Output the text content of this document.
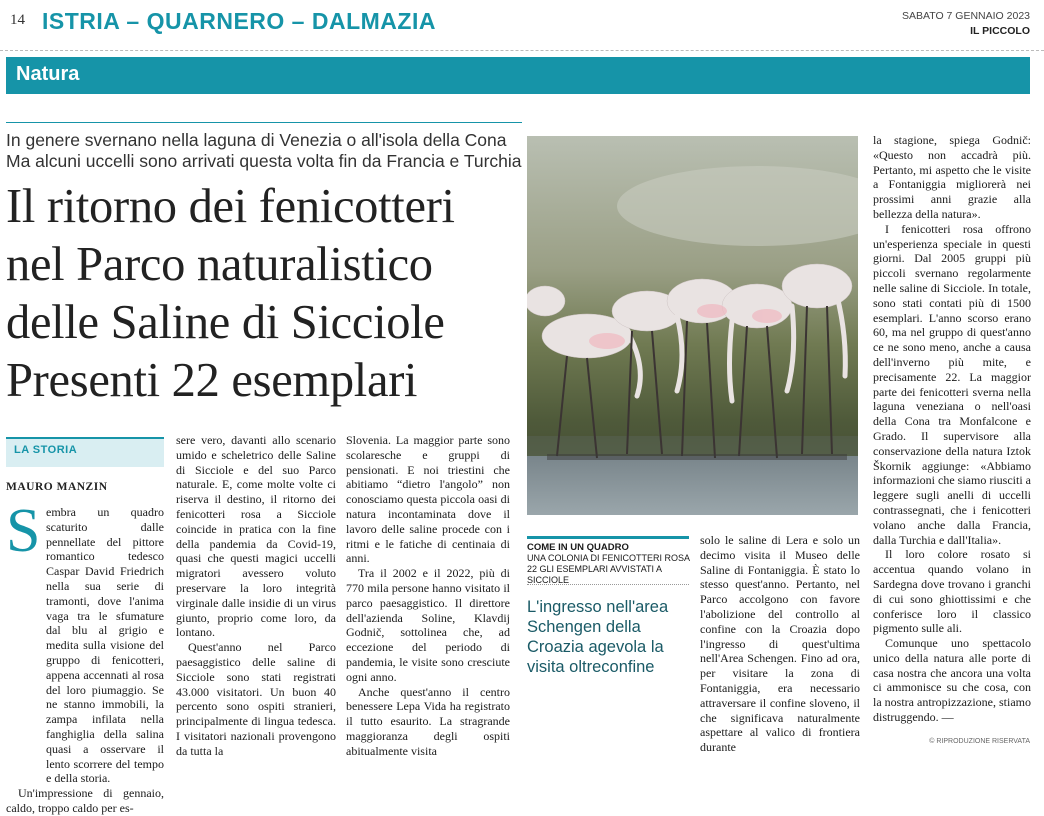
14 ISTRIA – QUARNERO – DALMAZIA	SABATO 7 GENNAIO 2023
IL PICCOLO
Natura
In genere svernano nella laguna di Venezia o all'isola della Cona
Ma alcuni uccelli sono arrivati questa volta fin da Francia e Turchia
Il ritorno dei fenicotteri
nel Parco naturalistico
delle Saline di Sicciole
Presenti 22 esemplari
COME IN UN QUADRO
UNA COLONIA DI FENICOTTERI ROSA 22 GLI ESEMPLARI AVVISTATI A SICCIOLE
L'ingresso nell'area Schengen della Croazia agevola la visita oltreconfine
LA STORIA
MAURO MANZIN
S embra un quadro scaturito dalle pennellate del pittore romantico tedesco Caspar David Friedrich nella sua serie di tramonti, dove l'anima vaga tra le sfumature dal blu al grigio e medita sulla visione del gruppo di fenicotteri, appena accennati al rosa del loro piumaggio. Se ne stanno immobili, la zampa infilata nella fanghiglia della salina quasi a osservare il lento scorrere del tempo e della storia.

Un'impressione di gennaio, caldo, troppo caldo per es-

sere vero, davanti allo scenario umido e scheletrico delle Saline di Sicciole e del suo Parco naturale. E, come molte volte ci riserva il destino, il ritorno dei fenicotteri rosa a Sicciole coincide in pratica con la fine della pandemia da Covid-19, quasi che questi magici uccelli migratori avessero voluto preservare la loro integrità virginale dalle insidie di un virus giunto, proprio come loro, da lontano.

Quest'anno nel Parco paesaggistico delle saline di Sicciole sono stati registrati 43.000 visitatori. Un buon 40 percento sono ospiti stranieri, principalmente di lingua tedesca. I visitatori nazionali provengono da tutta la

Slovenia. La maggior parte sono scolaresche e gruppi di pensionati. E noi triestini che abitiamo “dietro l'angolo” non conosciamo questa piccola oasi di natura incontaminata dove il lavoro delle saline procede con i ritmi e le fatiche di centinaia di anni.

Tra il 2002 e il 2022, più di 770 mila persone hanno visitato il parco paesaggistico. Il direttore dell'azienda Soline, Klavdij Godnič, sottolinea che, ad eccezione del periodo di pandemia, le visite sono cresciute ogni anno.

Anche quest'anno il centro benessere Lepa Vida ha registrato il tutto esaurito. La stragrande maggioranza degli ospiti abitualmente visita

solo le saline di Lera e solo un decimo visita il Museo delle Saline di Fontaniggia. È stato lo stesso quest'anno. Pertanto, nel Parco accolgono con favore l'abolizione del controllo al confine con la Croazia dopo l'ingresso di quest'ultima nell'Area Schengen. Fino ad ora, per visitare la zona di Fontaniggia, era necessario attraversare il confine sloveno, il che significava naturalmente aspettare al valico di frontiera durante

la stagione, spiega Godnič: «Questo non accadrà più. Pertanto, mi aspetto che le visite a Fontaniggia migliorerà nei prossimi anni grazie alla bellezza della natura».

I fenicotteri rosa offrono un'esperienza speciale in questi giorni. Dal 2005 gruppi più piccoli svernano regolarmente nelle saline di Sicciole. In totale, sono stati contati più di 1500 esemplari. L'anno scorso erano 60, ma nel gruppo di quest'anno ce ne sono meno, anche a causa dell'inverno più mite, e precisamente 22. La maggior parte dei fenicotteri sverna nella laguna veneziana o nell'oasi della Cona tra Monfalcone e Grado. Il supervisore alla conservazione della natura Iztok Škornik aggiunge: «Abbiamo informazioni che siamo riusciti a leggere sugli anelli di uccelli contrassegnati, che i fenicotteri volano anche dalla Francia, dalla Turchia e dall'Italia».

Il loro colore rosato si accentua quando volano in Sardegna dove trovano i granchi di cui sono ghiottissimi e che conferisce loro il classico pigmento sulle ali.

Comunque uno spettacolo unico della natura alle porte di casa nostra che ancora una volta ci ammonisce su che cosa, con la nostra antropizzazione, stiamo distruggendo. —

© RIPRODUZIONE RISERVATA
